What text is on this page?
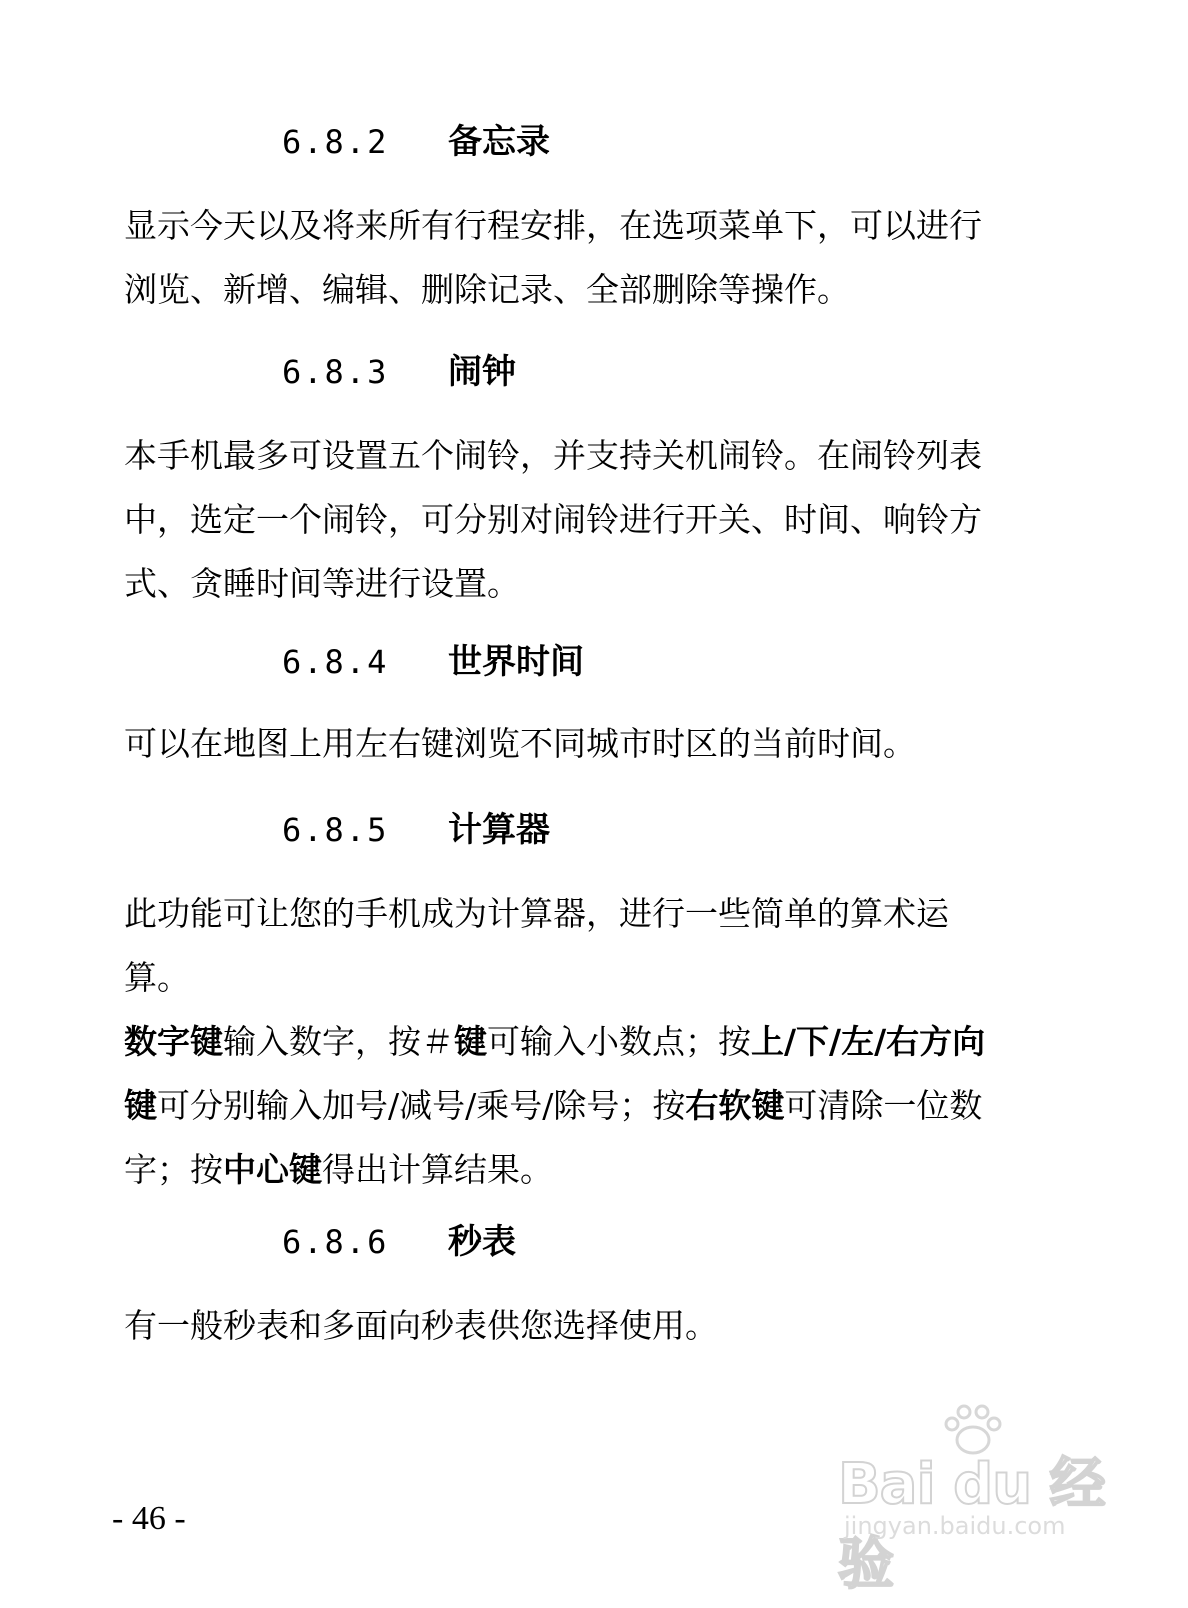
6.8.2 备忘录
显示今天以及将来所有行程安排，在选项菜单下，可以进行
浏览、新增、编辑、删除记录、全部删除等操作。
6.8.3 闹钟
本手机最多可设置五个闹铃，并支持关机闹铃。在闹铃列表
中，选定一个闹铃，可分别对闹铃进行开关、时间、响铃方
式、贪睡时间等进行设置。
6.8.4 世界时间
可以在地图上用左右键浏览不同城市时区的当前时间。
6.8.5 计算器
此功能可让您的手机成为计算器，进行一些简单的算术运
算。
数字键输入数字，按＃键可输入小数点；按上/下/左/右方向
键可分别输入加号/减号/乘号/除号；按右软键可清除一位数
字；按中心键得出计算结果。
6.8.6 秒表
有一般秒表和多面向秒表供您选择使用。
- 46 -
Bai du 经验
jingyan.baidu.com
